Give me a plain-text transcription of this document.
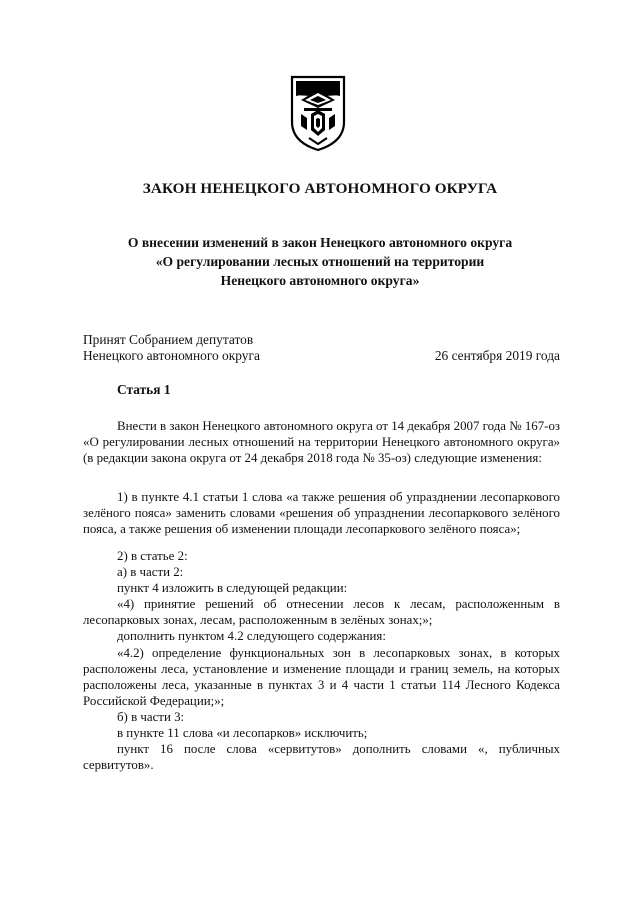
ЗАКОН НЕНЕЦКОГО АВТОНОМНОГО ОКРУГА
О внесении изменений в закон Ненецкого автономного округа
«О регулировании лесных отношений на территории
Ненецкого автономного округа»
Принят Собранием депутатов
Ненецкого автономного округа	26 сентября 2019 года
Статья 1

Внести в закон Ненецкого автономного округа от 14 декабря 2007 года № 167-оз «О регулировании лесных отношений на территории Ненецкого автономного округа» (в редакции закона округа от 24 декабря 2018 года № 35-оз) следующие изменения:

1) в пункте 4.1 статьи 1 слова «а также решения об упразднении лесопаркового зелёного пояса» заменить словами «решения об упразднении лесопаркового зелёного пояса, а также решения об изменении площади лесопаркового зелёного пояса»;

2) в статье 2:

а) в части 2:

пункт 4 изложить в следующей редакции:

«4) принятие решений об отнесении лесов к лесам, расположенным в лесопарковых зонах, лесам, расположенным в зелёных зонах;»;

дополнить пунктом 4.2 следующего содержания:

«4.2) определение функциональных зон в лесопарковых зонах, в которых расположены леса, установление и изменение площади и границ земель, на которых расположены леса, указанные в пунктах 3 и 4 части 1 статьи 114 Лесного Кодекса Российской Федерации;»;

б) в части 3:

в пункте 11 слова «и лесопарков» исключить;

пункт 16 после слова «сервитутов» дополнить словами «, публичных сервитутов».
